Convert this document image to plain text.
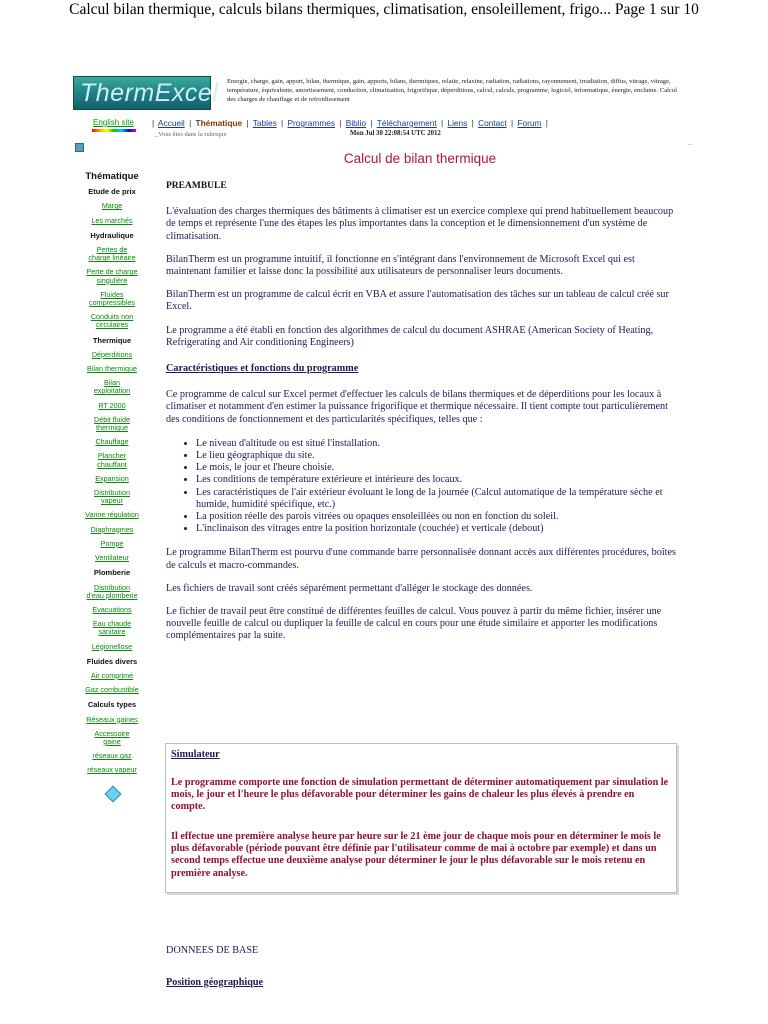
Calcul bilan thermique, calculs bilans thermiques, climatisation, ensoleillement, frigo... Page 1 sur 10
ThermExcel Energie, charge, gain, apport, bilan, thermique, gain, apports, bilans, thermiques, relatie, relaxine, radiation, radiations, rayonnement, irradiation, diffus, vitrage, vitrage, température, équivalente, amortissement, conduction, climatisation, frigorifique, déperditions, calcul, calculs, programme, logiciel, informatique, énergie, enclume. Calcul des charges de chauffage et de refroidissement
English site | Accueil | Thématique | Tables | Programmes | Biblio | Téléchargement | Liens | Contact | Forum |
_Vous êtes dans la rubrique	Mon Jul 30 22:08:54 UTC 2012
–
Calcul de bilan thermique
Thématique
Etude de prix
Marge
Les marchés
Hydraulique
Pertes de charge linéaire
Perte de charge singulière
Fluides compressibles
Conduits non circulaires
Thermique
Déperditions
Bilan thermique
Bilan exploitation
RT 2000
Débit fluide thermique
Chauffage
Plancher chauffant
Expansion
Distribution vapeur
Vanne régulation
Diaphragmes
Pompe
Ventilateur
Plomberie
Distribution d'eau plomberie
Evacuations
Eau chaude sanitaire
Légionellose
Fluides divers
Air comprimé
Gaz combustible
Calculs types
Réseaux gaines
Accessoire gaine
réseaux gaz
réseaux vapeur

PREAMBULE

L'évaluation des charges thermiques des bâtiments à climatiser est un exercice complexe qui prend habituellement beaucoup de temps et représente l'une des étapes les plus importantes dans la conception et le dimensionnement d'un système de climatisation.

BilanTherm est un programme intuitif, il fonctionne en s'intégrant dans l'environnement de Microsoft Excel qui est maintenant familier et laisse donc la possibilité aux utilisateurs de personnaliser leurs documents.

BilanTherm est un programme de calcul écrit en VBA et assure l'automatisation des tâches sur un tableau de calcul créé sur Excel.

Le programme a été établi en fonction des algorithmes de calcul du document ASHRAE (American Society of Heating, Refrigerating and Air conditioning Engineers)

Caractéristiques et fonctions du programme

Ce programme de calcul sur Excel permet d'effectuer les calculs de bilans thermiques et de déperditions pour les locaux à climatiser et notamment d'en estimer la puissance frigorifique et thermique nécessaire. Il tient compte tout particulièrement des conditions de fonctionnement et des particularités spécifiques, telles que :

• Le niveau d'altitude ou est situé l'installation.
• Le lieu géographique du site.
• Le mois, le jour et l'heure choisie.
• Les conditions de température extérieure et intérieure des locaux.
• Les caractéristiques de l'air extérieur évoluant le long de la journée (Calcul automatique de la température sèche et humide, humidité spécifique, etc.)
• La position réelle des parois vitrées ou opaques ensoleillées ou non en fonction du soleil.
• L'inclinaison des vitrages entre la position horizontale (couchée) et verticale (debout)

Le programme BilanTherm est pourvu d'une commande barre personnalisée donnant accès aux différentes procédures, boîtes de calculs et macro-commandes.

Les fichiers de travail sont créés séparément permettant d'alléger le stockage des données.

Le fichier de travail peut être constitué de différentes feuilles de calcul. Vous pouvez à partir du même fichier, insérer une nouvelle feuille de calcul ou dupliquer la feuille de calcul en cours pour une étude similaire et apporter les modifications complémentaires par la suite.

Simulateur
Le programme comporte une fonction de simulation permettant de déterminer automatiquement par simulation le mois, le jour et l'heure le plus défavorable pour déterminer les gains de chaleur les plus élevés à prendre en compte.
Il effectue une première analyse heure par heure sur le 21 ème jour de chaque mois pour en déterminer le mois le plus défavorable (période pouvant être définie par l'utilisateur comme de mai à octobre par exemple) et dans un second temps effectue une deuxième analyse pour déterminer le jour le plus défavorable sur le mois retenu en première analyse.
DONNEES DE BASE
Position géographique
